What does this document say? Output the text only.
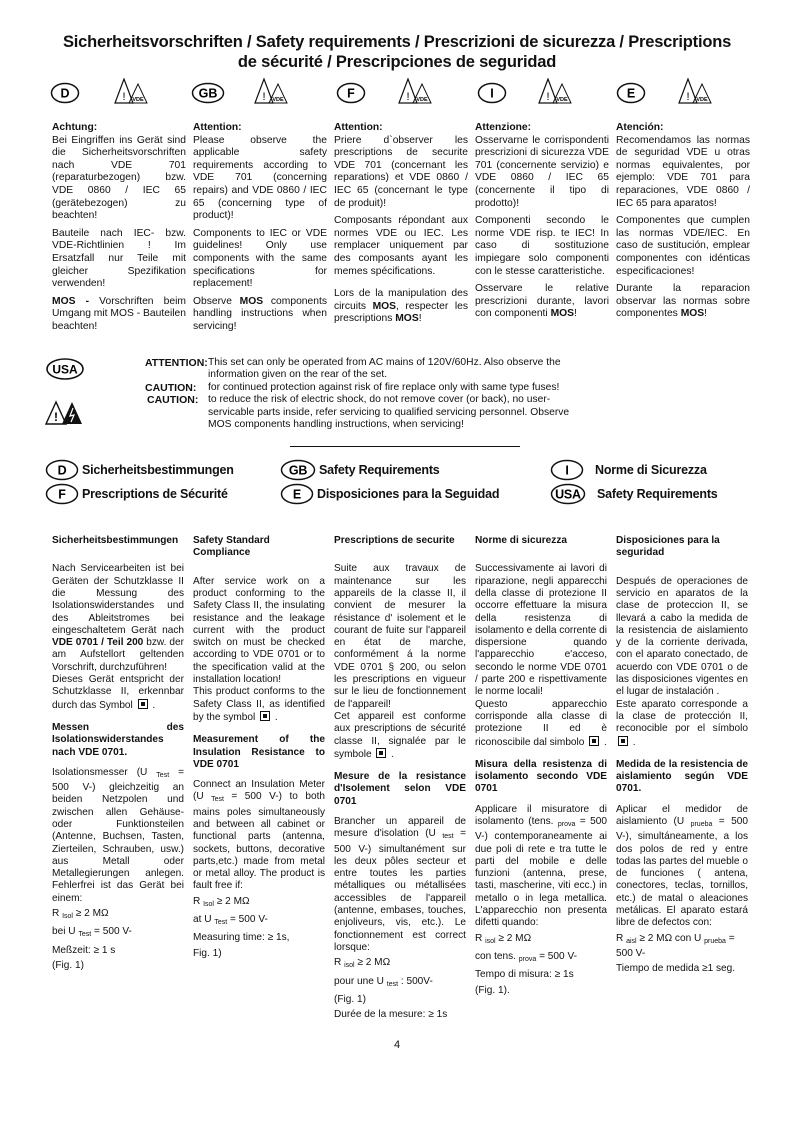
Sicherheitsvorschriften / Safety requirements / Prescrizioni de sicurezza / Prescriptions
de sécurité / Prescripciones de seguridad
D	! VDE	GB	! VDE	F	! VDE	I	! VDE	E	! VDE
Achtung:

Bei Eingriffen ins Gerät sind die Sicherheitsvorschriften nach VDE 701 (reparaturbezogen) bzw. VDE 0860 / IEC 65 (gerätebezogen) zu beachten!

Bauteile nach IEC- bzw. VDE-Richtlinien ! Im Ersatzfall nur Teile mit gleicher Spezifikation verwenden!

MOS - Vorschriften beim Umgang mit MOS - Bauteilen beachten!

Attention:

Please observe the applicable safety requirements according to VDE 701 (concerning repairs) and VDE 0860 / IEC 65 (concerning type of product)!

Components to IEC or VDE guidelines! Only use components with the same specifications for replacement!

Observe MOS components handling instructions when servicing!

Attention:

Priere d`observer les prescriptions de securite VDE 701 (concernant les reparations) et VDE 0860 / IEC 65 (concernant le type de produit)!

Composants répondant aux normes VDE ou IEC. Les remplacer uniquement par des composants ayant les memes spécifications.

Lors de la manipulation des circuits MOS, respecter les prescriptions MOS!

Attenzione:

Osservarne le corrispondenti prescrizioni di sicurezza VDE 701 (concernente servizio) e VDE 0860 / IEC 65 (concernente il tipo di prodotto)!

Componenti secondo le norme VDE risp. te IEC! In caso di sostituzione impiegare solo componenti con le stesse caratteristiche.

Osservare le relative prescrizioni durante, lavori con componenti MOS!

Atención:

Recomendamos las normas de seguridad VDE u otras normas equivalentes, por ejemplo: VDE 701 para reparaciones, VDE 0860 / IEC 65 para aparatos!

Componentes que cumplen las normas VDE/IEC. En caso de sustitución, emplear componentes con idénticas especificaciones!

Durante la reparacion observar las normas sobre componentes MOS!

USA
!
ATTENTION: This set can only be operated from AC mains of 120V/60Hz. Also observe the information given on the rear of the set.
CAUTION:	for continued protection against risk of fire replace only with same type fuses!
CAUTION: to reduce the risk of electric shock, do not remove cover (or back), no user-servicable parts inside, refer servicing to qualified servicing personnel. Observe MOS components handling instructions, when servicing!
D Sicherheitsbestimmungen	GB Safety Requirements	I Norme di Sicurezza
F Prescriptions de Sécurité	E Disposiciones para la Seguidad	USA Safety Requirements
Sicherheitsbestimmungen

Nach Servicearbeiten ist bei Geräten der Schutzklasse II die Messung des Isolationswiderstandes und des Ableitstromes bei eingeschaltetem Gerät nach VDE 0701 / Teil 200 bzw. der am Aufstellort geltenden Vorschrift, durchzuführen!

Dieses Gerät entspricht der Schutzklasse II, erkennbar durch das Symbol  .

Messen des Isolationswiderstandes nach VDE 0701.

Isolationsmesser (U $_{Test}$ = 500 V-) gleichzeitig an beiden Netzpolen und zwischen allen Gehäuse- oder Funktionsteilen (Antenne, Buchsen, Tasten, Zierteilen, Schrauben, usw.) aus Metall oder Metallegierungen anlegen. Fehlerfrei ist das Gerät bei einem:

R $_{Isol}$ ≥ 2 MΩ

bei U $_{Test}$ = 500 V-

Meßzeit: ≥ 1 s

(Fig. 1)

Safety Standard Compliance

After service work on a product conforming to the Safety Class II, the insulating resistance and the leakage current with the product switch on must be checked according to VDE 0701 or to the specification valid at the installation location!

This product conforms to the Safety Class II, as identified by the symbol  .

Measurement of the Insulation Resistance to VDE 0701

Connect an Insulation Meter (U $_{Test}$ = 500 V-) to both mains poles simultaneously and between all cabinet or functional parts (antenna, sockets, buttons, decorative parts,etc.) made from metal or metal alloy. The product is fault free if:

R $_{Isol}$ ≥ 2 MΩ

at U $_{Test}$ = 500 V-

Measuring time: ≥ 1s,

Fig. 1)

Prescriptions de securite

Suite aux travaux de maintenance sur les appareils de la classe II, il convient de mesurer la résistance d' isolement et le courant de fuite sur l'appareil en état de marche, conformément á la norme VDE 0701 § 200, ou selon les prescriptions en vigueur sur le lieu de fonctionnement de l'appareil!

Cet appareil est conforme aux prescriptions de sécurité classe II, signalée par le symbole  .

Mesure de la resistance d'Isolement selon VDE 0701

Brancher un appareil de mesure d'isolation (U $_{test}$ = 500 V-) simultanément sur les deux pôles secteur et entre toutes les parties métalliques ou métallisées accessibles de l'appareil (antenne, embases, touches, enjoliveurs, vis, etc.). Le fonctionnement est correct lorsque:

R $_{isol}$ ≥ 2 MΩ

pour une U $_{test}$ : 500V-

(Fig. 1)

Durée de la mesure: ≥ 1s

Norme di sicurezza

Successivamente ai lavori di riparazione, negli apparecchi della classe di protezione II occorre effettuare la misura della resistenza di isolamento e della corrente di dispersione quando l'apparecchio e'acceso, secondo le norme VDE 0701 / parte 200 e rispettivamente le norme locali!

Questo apparecchio corrisponde alla classe di protezione II ed è riconoscibile dal simbolo  .

Misura della resistenza di isolamento secondo VDE 0701

Applicare il misuratore di isolamento (tens. $_{prova}$ = 500 V-) contemporaneamente ai due poli di rete e tra tutte le parti del mobile e delle funzioni (antenna, prese, tasti, mascherine, viti ecc.) in metallo o in lega metallica. L'apparecchio non presenta difetti quando:

R $_{isol}$ ≥ 2 MΩ

con tens. $_{prova}$ = 500 V-

Tempo di misura: ≥ 1s

(Fig. 1).

Disposiciones para la seguridad

Después de operaciones de servicio en aparatos de la clase de proteccion II, se llevará a cabo la medida de la resistencia de aislamiento y de la corriente derivada, con el aparato conectado, de acuerdo con VDE 0701 o de las disposiciones vigentes en el lugar de instalación .

Este aparato corresponde a la clase de protección II, reconocible por el símbolo  .

Medida de la resistencia de aislamiento según VDE 0701.

Aplicar el medidor de aislamiento (U $_{prueba}$ = 500 V-), simultáneamente, a los dos polos de red y entre todas las partes del mueble o de funciones ( antena, conectores, teclas, tornillos, etc.) de matal o aleaciones metálicas. El aparato estará libre de defectos con:

R $_{aisl}$ ≥ 2 MΩ con U $_{prueba}$ = 500 V-

Tiempo de medida ≥1 seg.

4
